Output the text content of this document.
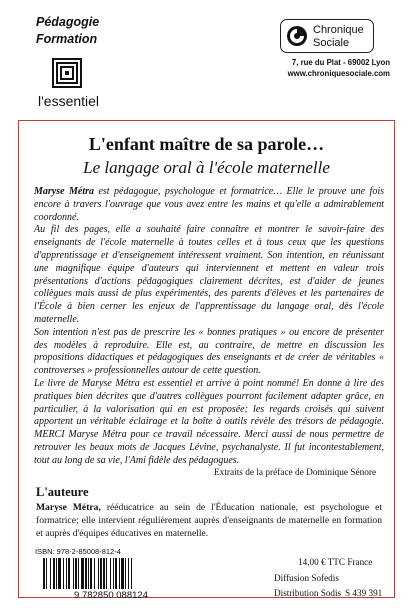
Pédagogie
Formation
l'essentiel
Chronique
Sociale
7, rue du Plat - 69002 Lyon
www.chroniquesociale.com
L'enfant maître de sa parole…
Le langage oral à l'école maternelle

Maryse Métra est pédagogue, psychologue et formatrice… Elle le prouve une fois encore à travers l'ouvrage que vous avez entre les mains et qu'elle a admirablement coordonné.

Au fil des pages, elle a souhaité faire connaître et montrer le savoir-faire des enseignants de l'école maternelle à toutes celles et à tous ceux que les questions d'apprentissage et d'enseignement intéressent vraiment. Son intention, en réunissant une magnifique équipe d'auteurs qui interviennent et mettent en valeur trois présentations d'actions pédagogiques clairement décrites, est d'aider de jeunes collègues mais aussi de plus expérimentés, des parents d'élèves et les partenaires de l'École à bien cerner les enjeux de l'apprentissage du langage oral, dès l'école maternelle.

Son intention n'est pas de prescrire les « bonnes pratiques » ou encore de présenter des modèles à reproduire. Elle est, au contraire, de mettre en discussion les propositions didactiques et pédagogiques des enseignants et de créer de véritables « controverses » professionnelles autour de cette question.

Le livre de Maryse Métra est essentiel et arrive à point nommé! En donne à lire des pratiques bien décrites que d'autres collègues pourront facilement adapter grâce, en particulier, à la valorisation qui en est proposée; les regards croisés qui suivent apportent un véritable éclairage et la boîte à outils révèle des trésors de pédagogie. MERCI Maryse Métra pour ce travail nécessaire. Merci aussi de nous permettre de retrouver les beaux mots de Jacques Lévine, psychanalyste. Il fut incontestablement, tout au long de sa vie, l'Ami fidèle des pédagogues.

Extraits de la préface de Dominique Sénore
L'auteure
Maryse Métra, rééducatrice au sein de l'Éducation nationale, est psychologue et formatrice; elle intervient régulièrement auprès d'enseignants de maternelle en formation et auprès d'équipes éducatives en maternelle.
ISBN: 978-2-85008-812-4
9 782850 088124
14,00 € TTC France
Diffusion Sofedis
Distribution Sodis S 439 391
